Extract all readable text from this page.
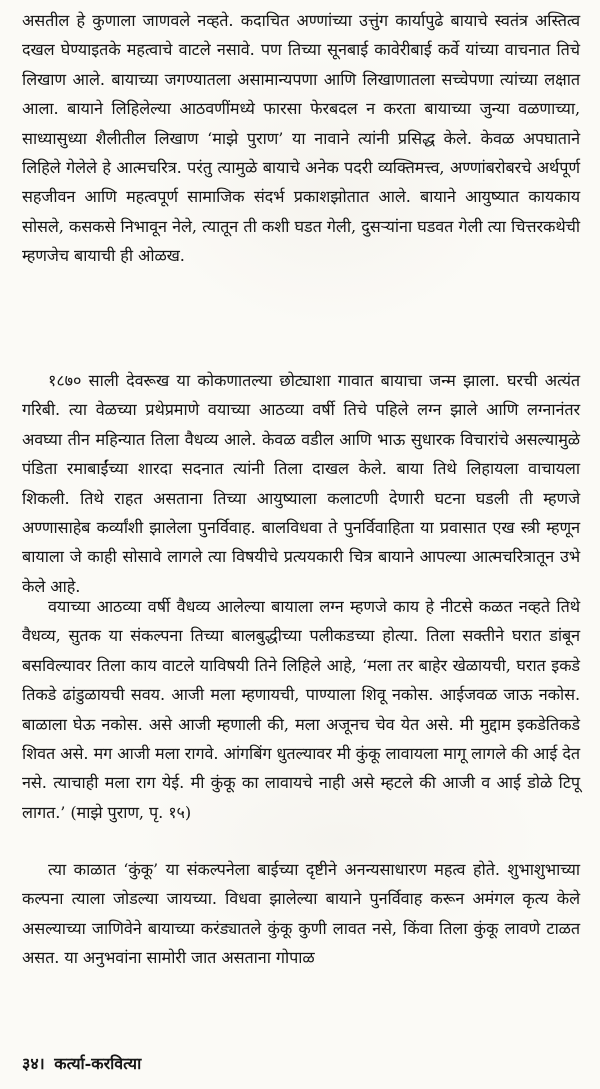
असतील हे कुणाला जाणवले नव्हते. कदाचित अण्णांच्या उत्तुंग कार्यापुढे बायाचे स्वतंत्र अस्तित्व दखल घेण्याइतके महत्वाचे वाटले नसावे. पण तिच्या सूनबाई कावेरीबाई कर्वे यांच्या वाचनात तिचे लिखाण आले. बायाच्या जगण्यातला असामान्यपणा आणि लिखाणातला सच्चेपणा त्यांच्या लक्षात आला. बायाने लिहिलेल्या आठवणींमध्ये फारसा फेरबदल न करता बायाच्या जुन्या वळणाच्या, साध्यासुध्या शैलीतील लिखाण ‘माझे पुराण’ या नावाने त्यांनी प्रसिद्ध केले. केवळ अपघाताने लिहिले गेलेले हे आत्मचरित्र. परंतु त्यामुळे बायाचे अनेक पदरी व्यक्तिमत्त्व, अण्णांबरोबरचे अर्थपूर्ण सहजीवन आणि महत्वपूर्ण सामाजिक संदर्भ प्रकाशझोतात आले. बायाने आयुष्यात कायकाय सोसले, कसकसे निभावून नेले, त्यातून ती कशी घडत गेली, दुसऱ्यांना घडवत गेली त्या चित्तरकथेची म्हणजेच बायाची ही ओळख.

१८७० साली देवरूख या कोकणातल्या छोट्याशा गावात बायाचा जन्म झाला. घरची अत्यंत गरिबी. त्या वेळच्या प्रथेप्रमाणे वयाच्या आठव्या वर्षी तिचे पहिले लग्न झाले आणि लग्नानंतर अवघ्या तीन महिन्यात तिला वैधव्य आले. केवळ वडील आणि भाऊ सुधारक विचारांचे असल्यामुळे पंडिता रमाबाईंच्या शारदा सदनात त्यांनी तिला दाखल केले. बाया तिथे लिहायला वाचायला शिकली. तिथे राहत असताना तिच्या आयुष्याला कलाटणी देणारी घटना घडली ती म्हणजे अण्णासाहेब कर्व्यांशी झालेला पुनर्विवाह. बालविधवा ते पुनर्विवाहिता या प्रवासात एख स्त्री म्हणून बायाला जे काही सोसावे लागले त्या विषयीचे प्रत्ययकारी चित्र बायाने आपल्या आत्मचरित्रातून उभे केले आहे.

वयाच्या आठव्या वर्षी वैधव्य आलेल्या बायाला लग्न म्हणजे काय हे नीटसे कळत नव्हते तिथे वैधव्य, सुतक या संकल्पना तिच्या बालबुद्धीच्या पलीकडच्या होत्या. तिला सक्तीने घरात डांबून बसविल्यावर तिला काय वाटले याविषयी तिने लिहिले आहे, ‘मला तर बाहेर खेळायची, घरात इकडे तिकडे ढांडुळायची सवय. आजी मला म्हणायची, पाण्याला शिवू नकोस. आईजवळ जाऊ नकोस. बाळाला घेऊ नकोस. असे आजी म्हणाली की, मला अजूनच चेव येत असे. मी मुद्दाम इकडेतिकडे शिवत असे. मग आजी मला रागवे. आंगबिंग धुतल्यावर मी कुंकू लावायला मागू लागले की आई देत नसे. त्याचाही मला राग येई. मी कुंकू का लावायचे नाही असे म्हटले की आजी व आई डोळे टिपू लागत.’ (माझे पुराण, पृ. १५)

त्या काळात ‘कुंकू’ या संकल्पनेला बाईच्या दृष्टीने अनन्यसाधारण महत्व होते. शुभाशुभाच्या कल्पना त्याला जोडल्या जायच्या. विधवा झालेल्या बायाने पुनर्विवाह करून अमंगल कृत्य केले असल्याच्या जाणिवेने बायाच्या करंड्यातले कुंकू कुणी लावत नसे, किंवा तिला कुंकू लावणे टाळत असत. या अनुभवांना सामोरी जात असताना गोपाळ

३४। कर्त्या-करवित्या
